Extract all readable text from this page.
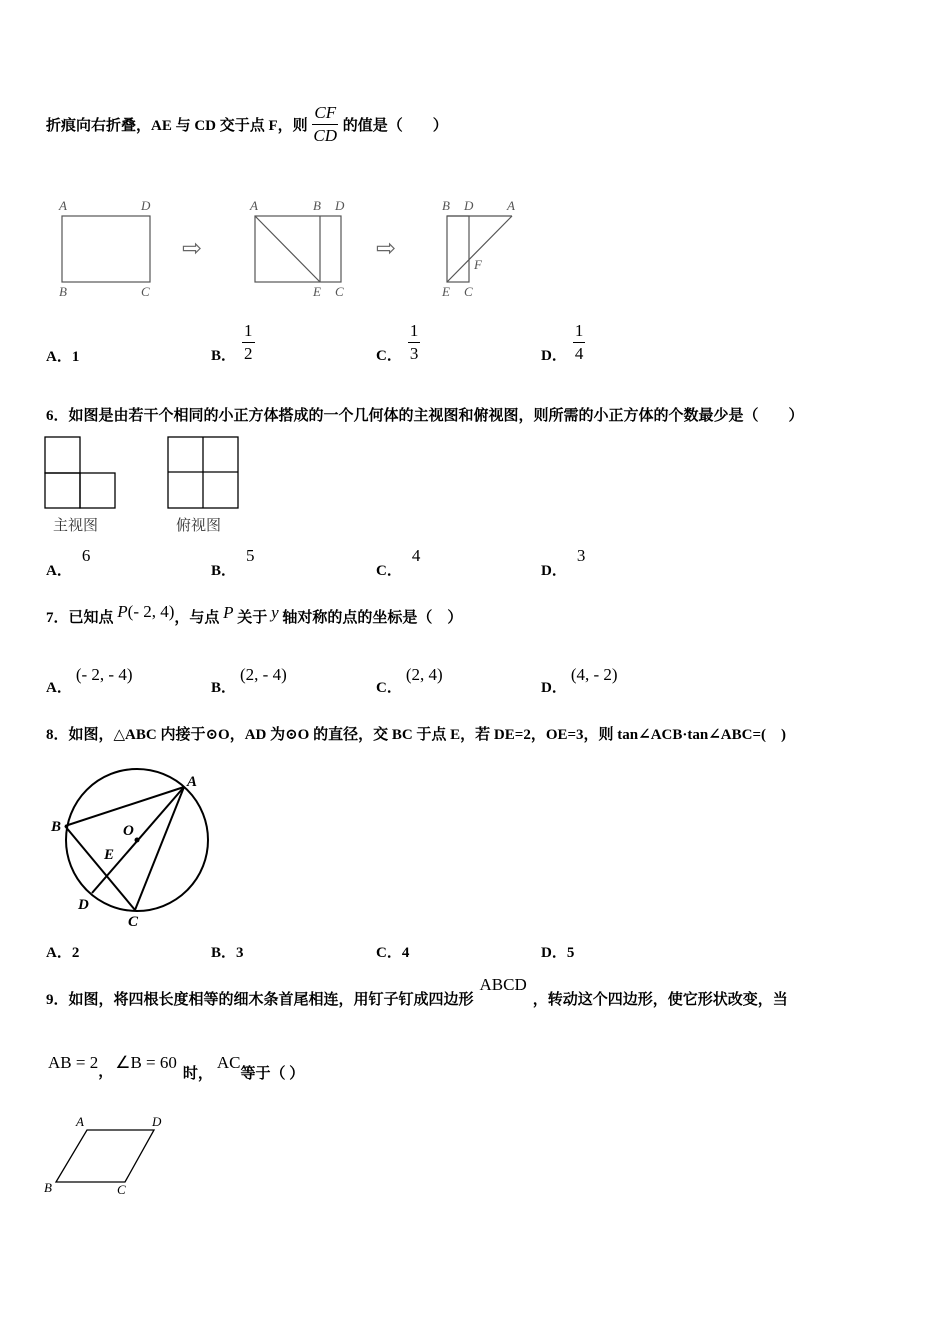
折痕向右折叠，AE 与 CD 交于点 F，则 $\frac{CF}{CD}$ 的值是（　　）
A	D
B	C
A	B D
E C
B D	A
F
E C
⇨	⇨
A．1	B． $\frac{1}{2}$	C． $\frac{1}{3}$	D． $\frac{1}{4}$
6．如图是由若干个相同的小正方体搭成的一个几何体的主视图和俯视图，则所需的小正方体的个数最少是（　　）
主视图	俯视图
A．6
B．5
C．4
D．3
7．已知点 P(- 2, 4)，与点 P 关于 y 轴对称的点的坐标是（　）
A．(- 2, - 4)
B．(2, - 4)
C．(2, 4)
D．(4, - 2)
8．如图，△ABC 内接于⊙O，AD 为⊙O 的直径，交 BC 于点 E，若 DE=2，OE=3，则 tan∠ACB·tan∠ABC=(　)
A
B	O
E
D
C
A．2	B．3	C．4	D．5
9．如图，将四根长度相等的细木条首尾相连，用钉子钉成四边形ABCD，转动这个四边形，使它形状改变，当
AB = 2， ∠B = 60时，AC等于（ ）
A	D
B	C
